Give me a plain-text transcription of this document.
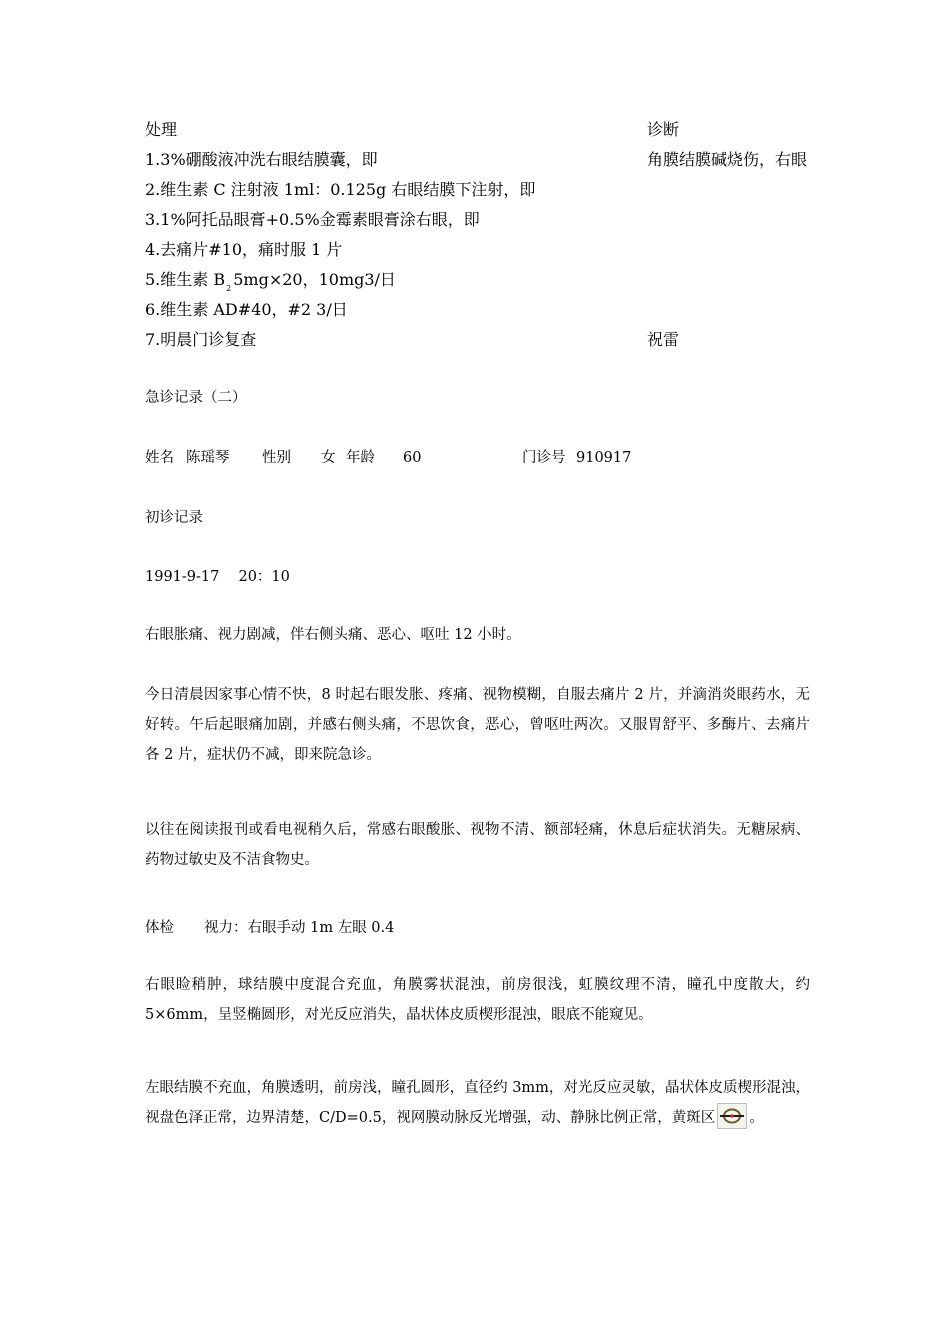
处理	诊断
1.3%硼酸液冲洗右眼结膜囊，即	角膜结膜碱烧伤，右眼
2.维生素 C 注射液 1ml：0.125g 右眼结膜下注射，即
3.1%阿托品眼膏+0.5%金霉素眼膏涂右眼，即
4.去痛片#10，痛时服 1 片
5.维生素 $B_2$ 5mg×20，10mg3/日
6.维生素 AD#40，#2 3/日
7.明晨门诊复查	祝雷
急诊记录（二）
姓名 陈瑶琴 性别 女 年龄 60	门诊号 910917
初诊记录
1991-9-17　 20：10
右眼胀痛、视力剧减，伴右侧头痛、恶心、呕吐 12 小时。
今日清晨因家事心情不快，8 时起右眼发胀、疼痛、视物模糊，自服去痛片 2 片，并滴消炎眼药水，无好转。午后起眼痛加剧，并感右侧头痛，不思饮食，恶心，曾呕吐两次。又服胃舒平、多酶片、去痛片各 2 片，症状仍不减，即来院急诊。
以往在阅读报刊或看电视稍久后，常感右眼酸胀、视物不清、额部轻痛，休息后症状消失。无糖尿病、药物过敏史及不洁食物史。
体检 视力：右眼手动 1m 左眼 0.4
右眼睑稍肿，球结膜中度混合充血，角膜雾状混浊，前房很浅，虹膜纹理不清，瞳孔中度散大，约 5×6mm，呈竖椭圆形，对光反应消失，晶状体皮质楔形混浊，眼底不能窥见。
左眼结膜不充血，角膜透明，前房浅，瞳孔圆形，直径约 3mm，对光反应灵敏，晶状体皮质楔形混浊，视盘色泽正常，边界清楚，C/D=0.5，视网膜动脉反光增强，动、静脉比例正常，黄斑区 。
